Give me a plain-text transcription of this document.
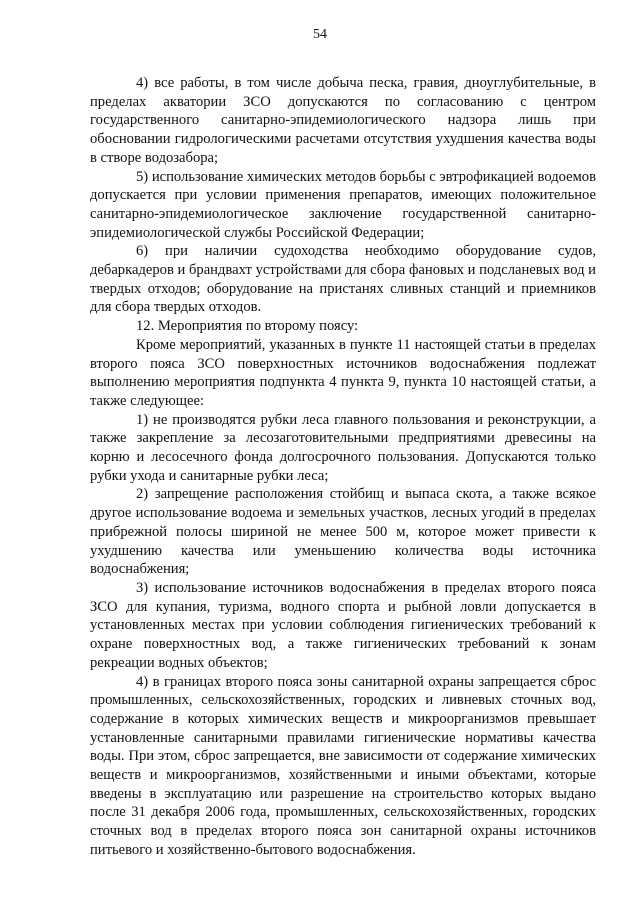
54

4) все работы, в том числе добыча песка, гравия, дноуглубительные, в пределах акватории ЗСО допускаются по согласованию с центром государственного санитарно-эпидемиологического надзора лишь при обосновании гидрологическими расчетами отсутствия ухудшения качества воды в створе водозабора;

5) использование химических методов борьбы с эвтрофикацией водоемов допускается при условии применения препаратов, имеющих положительное санитарно-эпидемиологическое заключение государственной санитарно-эпидемиологической службы Российской Федерации;

6) при наличии судоходства необходимо оборудование судов, дебаркадеров и брандвахт устройствами для сбора фановых и подсланевых вод и твердых отходов; оборудование на пристанях сливных станций и приемников для сбора твердых отходов.

12. Мероприятия по второму поясу:

Кроме мероприятий, указанных в пункте 11 настоящей статьи в пределах второго пояса ЗСО поверхностных источников водоснабжения подлежат выполнению мероприятия подпункта 4 пункта 9, пункта 10 настоящей статьи, а также следующее:

1) не производятся рубки леса главного пользования и реконструкции, а также закрепление за лесозаготовительными предприятиями древесины на корню и лесосечного фонда долгосрочного пользования. Допускаются только рубки ухода и санитарные рубки леса;

2) запрещение расположения стойбищ и выпаса скота, а также всякое другое использование водоема и земельных участков, лесных угодий в пределах прибрежной полосы шириной не менее 500 м, которое может привести к ухудшению качества или уменьшению количества воды источника водоснабжения;

3) использование источников водоснабжения в пределах второго пояса ЗСО для купания, туризма, водного спорта и рыбной ловли допускается в установленных местах при условии соблюдения гигиенических требований к охране поверхностных вод, а также гигиенических требований к зонам рекреации водных объектов;

4) в границах второго пояса зоны санитарной охраны запрещается сброс промышленных, сельскохозяйственных, городских и ливневых сточных вод, содержание в которых химических веществ и микроорганизмов превышает установленные санитарными правилами гигиенические нормативы качества воды. При этом, сброс запрещается, вне зависимости от содержание химических веществ и микроорганизмов, хозяйственными и иными объектами, которые введены в эксплуатацию или разрешение на строительство которых выдано после 31 декабря 2006 года, промышленных, сельскохозяйственных, городских сточных вод в пределах второго пояса зон санитарной охраны источников питьевого и хозяйственно-бытового водоснабжения.
